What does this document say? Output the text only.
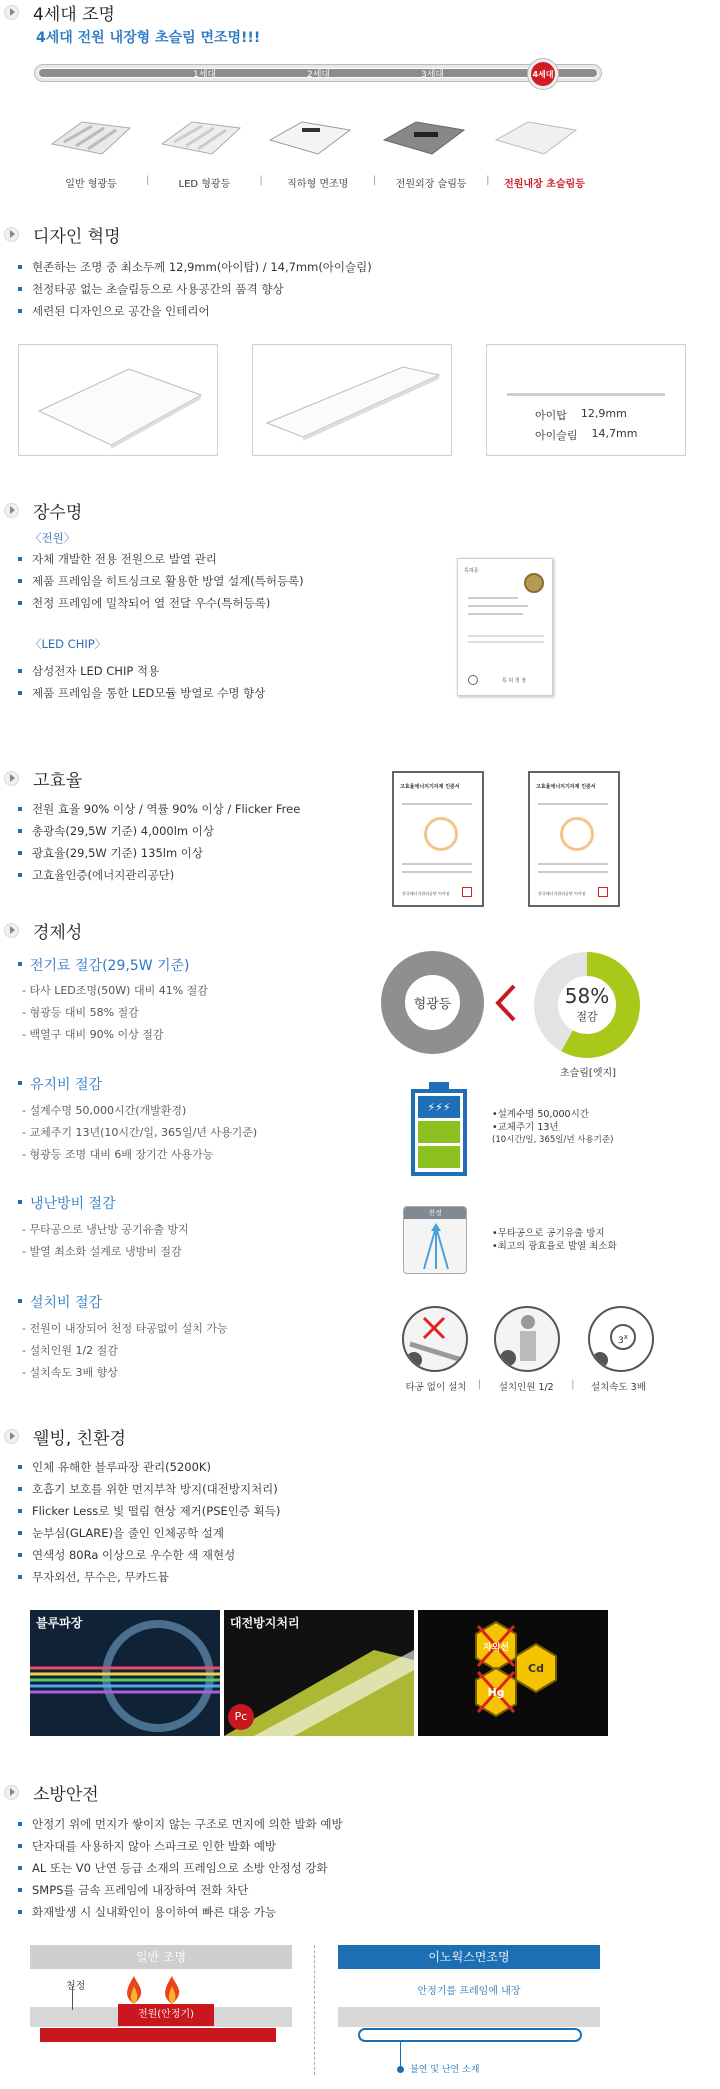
4세대 조명
4세대 전원 내장형 초슬림 면조명!!!
1세대	2세대	3세대	4세대
일반 형광등	|	LED 형광등	|	직하형 면조명	|	전원외장 슬림등	|	전원내장 초슬림등
디자인 혁명
현존하는 조명 중 최소두께 12,9mm(아이탑) / 14,7mm(아이슬림)
천정타공 없는 초슬림등으로 사용공간의 품격 향상
세련된 디자인으로 공간을 인테리어
아이탑 12,9mm
아이슬림 14,7mm
장수명
〈전원〉
자체 개발한 전용 전원으로 발열 관리
제품 프레임을 히트싱크로 활용한 방열 설계(특허등록)
천정 프레임에 밀착되어 열 전달 우수(특허등록)
〈LED CHIP〉
삼성전자 LED CHIP 적용
제품 프레임을 통한 LED모듈 방열로 수명 향상
특허증
특 허 청 장
고효율
전원 효율 90% 이상 / 역률 90% 이상 / Flicker Free
총광속(29,5W 기준) 4,000lm 이상
광효율(29,5W 기준) 135lm 이상
고효율인증(에너지관리공단)
고효율에너지기자재 인증서
한국에너지관리공단 이사장
고효율에너지기자재 인증서
한국에너지관리공단 이사장
경제성
전기료 절감(29,5W 기준)
- 타사 LED조명(50W) 대비 41% 절감
- 형광등 대비 58% 절감
- 백열구 대비 90% 이상 절감
형광등	58%
절감
초슬림[엣지]
유지비 절감
- 설계수명 50,000시간(개발환경)
- 교체주기 13년(10시간/일, 365일/년 사용기준)
- 형광등 조명 대비 6배 장기간 사용가능
⚡⚡⚡
•설계수명 50,000시간
•교체주기 13년
(10시간/일, 365일/년 사용기준)
냉난방비 절감
- 무타공으로 냉난방 공기유출 방지
- 발열 최소화 설계로 냉방비 절감
천정
•무타공으로 공기유출 방지
•최고의 광효율로 발열 최소화
설치비 절감
- 전원이 내장되어 천정 타공없이 설치 가능
- 설치인원 1/2 절감
- 설치속도 3배 향상
3$^x$
타공 없이 설치	|	설치인원 1/2	|	설치속도 3배
웰빙, 친환경
인체 유해한 블루파장 관리(5200K)
호흡기 보호를 위한 먼지부착 방지(대전방지처리)
Flicker Less로 빛 떨림 현상 제거(PSE인증 획득)
눈부심(GLARE)을 줄인 인체공학 설계
연색성 80Ra 이상으로 우수한 색 재현성
무자외선, 무수은, 무카드뮴
블루파장	대전방지처리
Pc
자외선
Cd
Hg
소방안전
안정기 위에 먼지가 쌓이지 않는 구조로 먼지에 의한 발화 예방
단자대를 사용하지 않아 스파크로 인한 발화 예방
AL 또는 V0 난연 등급 소재의 프레임으로 소방 안정성 강화
SMPS를 금속 프레임에 내장하여 전화 차단
화재발생 시 실내확인이 용이하여 빠른 대응 가능
일반 조명	이노웍스면조명
천정
전원(안정기)
안정기를 프레임에 내장
불연 및 난연 소재
